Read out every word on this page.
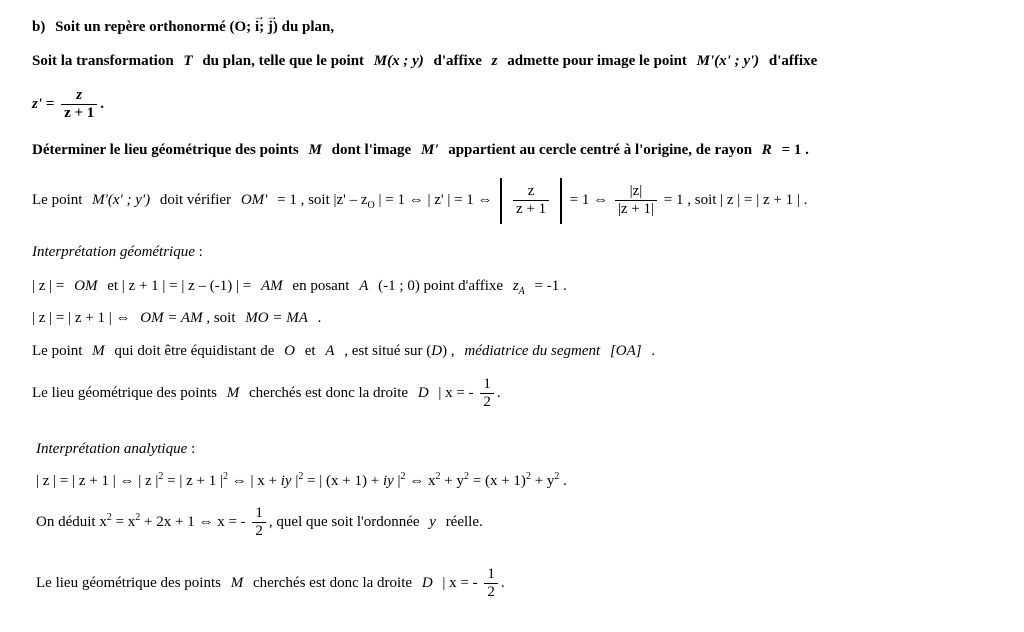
b) Soit un repère orthonormé (O; → i; → j) du plan,
Soit la transformation T du plan, telle que le point M(x ; y) d'affixe z admette pour image le point M'(x' ; y') d'affixe
$z' = \frac{z}{z + 1}$ .
Déterminer le lieu géométrique des points M dont l'image M' appartient au cercle centré à l'origine, de rayon R = 1 .
Le point M'(x' ; y') doit vérifier OM' = 1 , soit $|z' - z_O$ | = 1 ⇔ | z' | = 1 ⇔ $\frac{z}{z + 1} = 1$ ⇔ $\frac{|z|}{|z + 1|} = 1$ , soit | z | = | z + 1 | .
Interprétation géométrique :
| z | = OM et | z + 1 | = | z – (-1) | = AM en posant A (-1 ; 0) point d'affixe $z_A = -1$ .
| z | = | z + 1 | ⇔ OM = AM , soit MO = MA .
Le point M qui doit être équidistant de O et A , est situé sur (D) , médiatrice du segment [OA] .
Le lieu géométrique des points M cherchés est donc la droite D | x = - $\frac{1}{2}$ .
Interprétation analytique :
| z | = | z + 1 | ⇔ | z $|^2$ = | z + 1 $|^2$ ⇔ | x + iy $|^2$ = | (x + 1) + iy $|^2$ ⇔ $x^2 + y^2 = (x + 1)^2 + y^2$ .
On déduit $x^2 = x^2 + 2x + 1$ ⇔ x = - $\frac{1}{2}$ , quel que soit l'ordonnée y réelle.
Le lieu géométrique des points M cherchés est donc la droite D | x = - $\frac{1}{2}$ .
